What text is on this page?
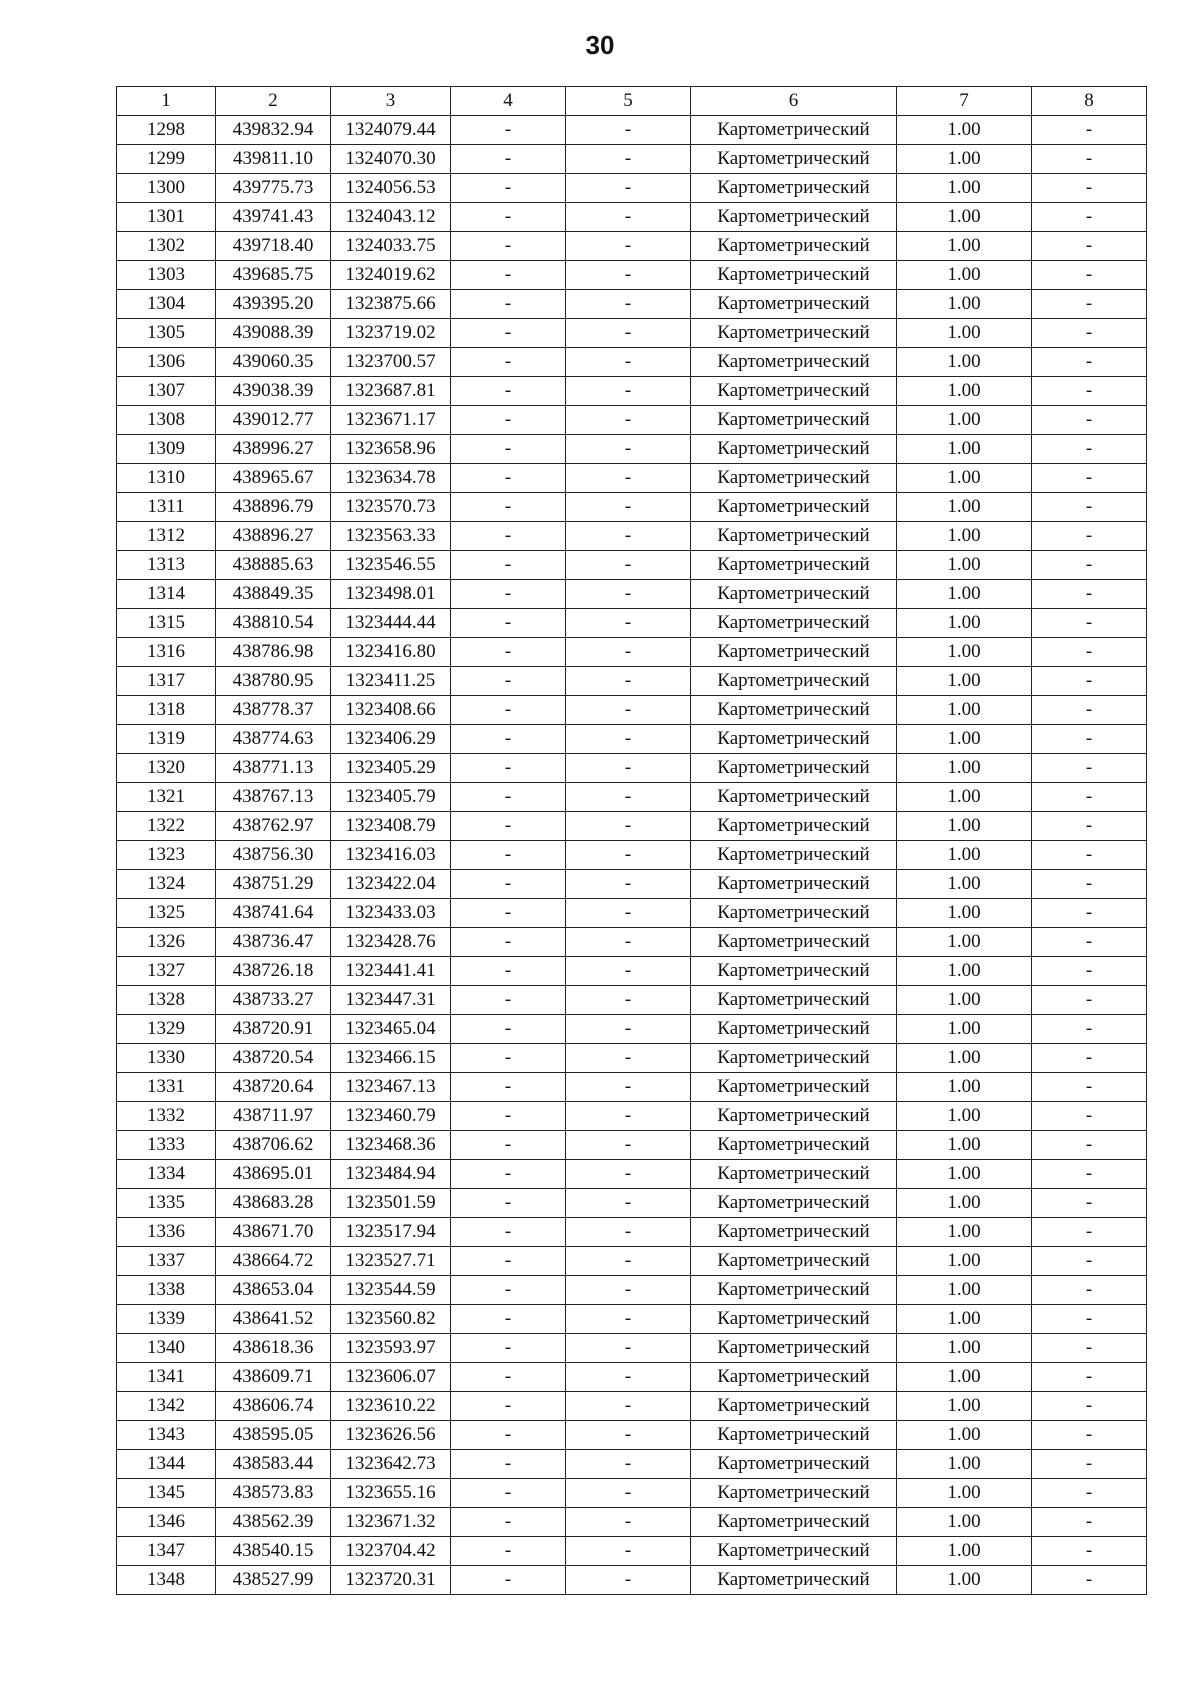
30
1	2	3	4	5	6	7	8
1298	439832.94	1324079.44	-	-	Картометрический	1.00	-
1299	439811.10	1324070.30	-	-	Картометрический	1.00	-
1300	439775.73	1324056.53	-	-	Картометрический	1.00	-
1301	439741.43	1324043.12	-	-	Картометрический	1.00	-
1302	439718.40	1324033.75	-	-	Картометрический	1.00	-
1303	439685.75	1324019.62	-	-	Картометрический	1.00	-
1304	439395.20	1323875.66	-	-	Картометрический	1.00	-
1305	439088.39	1323719.02	-	-	Картометрический	1.00	-
1306	439060.35	1323700.57	-	-	Картометрический	1.00	-
1307	439038.39	1323687.81	-	-	Картометрический	1.00	-
1308	439012.77	1323671.17	-	-	Картометрический	1.00	-
1309	438996.27	1323658.96	-	-	Картометрический	1.00	-
1310	438965.67	1323634.78	-	-	Картометрический	1.00	-
1311	438896.79	1323570.73	-	-	Картометрический	1.00	-
1312	438896.27	1323563.33	-	-	Картометрический	1.00	-
1313	438885.63	1323546.55	-	-	Картометрический	1.00	-
1314	438849.35	1323498.01	-	-	Картометрический	1.00	-
1315	438810.54	1323444.44	-	-	Картометрический	1.00	-
1316	438786.98	1323416.80	-	-	Картометрический	1.00	-
1317	438780.95	1323411.25	-	-	Картометрический	1.00	-
1318	438778.37	1323408.66	-	-	Картометрический	1.00	-
1319	438774.63	1323406.29	-	-	Картометрический	1.00	-
1320	438771.13	1323405.29	-	-	Картометрический	1.00	-
1321	438767.13	1323405.79	-	-	Картометрический	1.00	-
1322	438762.97	1323408.79	-	-	Картометрический	1.00	-
1323	438756.30	1323416.03	-	-	Картометрический	1.00	-
1324	438751.29	1323422.04	-	-	Картометрический	1.00	-
1325	438741.64	1323433.03	-	-	Картометрический	1.00	-
1326	438736.47	1323428.76	-	-	Картометрический	1.00	-
1327	438726.18	1323441.41	-	-	Картометрический	1.00	-
1328	438733.27	1323447.31	-	-	Картометрический	1.00	-
1329	438720.91	1323465.04	-	-	Картометрический	1.00	-
1330	438720.54	1323466.15	-	-	Картометрический	1.00	-
1331	438720.64	1323467.13	-	-	Картометрический	1.00	-
1332	438711.97	1323460.79	-	-	Картометрический	1.00	-
1333	438706.62	1323468.36	-	-	Картометрический	1.00	-
1334	438695.01	1323484.94	-	-	Картометрический	1.00	-
1335	438683.28	1323501.59	-	-	Картометрический	1.00	-
1336	438671.70	1323517.94	-	-	Картометрический	1.00	-
1337	438664.72	1323527.71	-	-	Картометрический	1.00	-
1338	438653.04	1323544.59	-	-	Картометрический	1.00	-
1339	438641.52	1323560.82	-	-	Картометрический	1.00	-
1340	438618.36	1323593.97	-	-	Картометрический	1.00	-
1341	438609.71	1323606.07	-	-	Картометрический	1.00	-
1342	438606.74	1323610.22	-	-	Картометрический	1.00	-
1343	438595.05	1323626.56	-	-	Картометрический	1.00	-
1344	438583.44	1323642.73	-	-	Картометрический	1.00	-
1345	438573.83	1323655.16	-	-	Картометрический	1.00	-
1346	438562.39	1323671.32	-	-	Картометрический	1.00	-
1347	438540.15	1323704.42	-	-	Картометрический	1.00	-
1348	438527.99	1323720.31	-	-	Картометрический	1.00	-
